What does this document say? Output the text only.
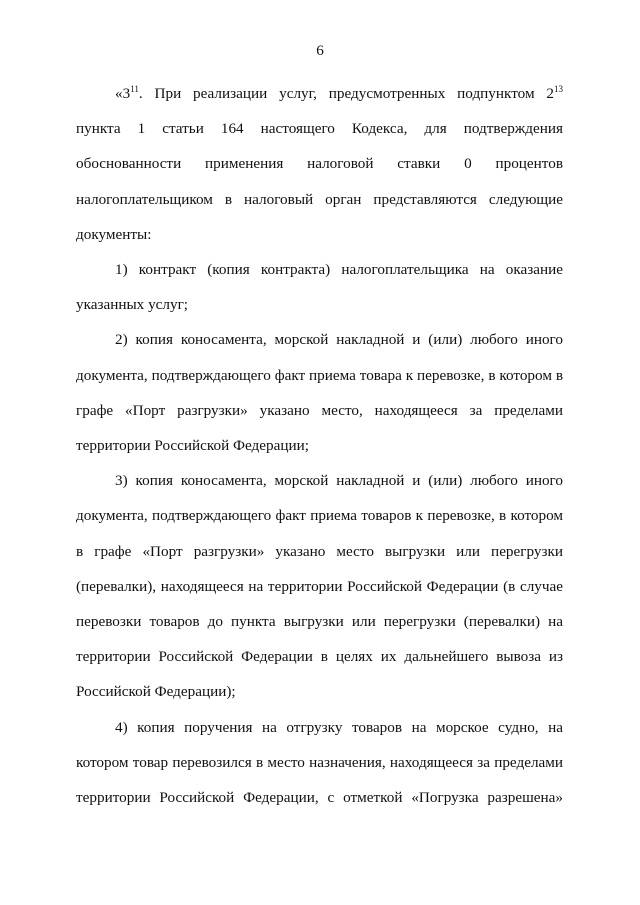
6

«$3^{11}$. При реализации услуг, предусмотренных подпунктом $2^{13}$ пункта 1 статьи 164 настоящего Кодекса, для подтверждения обоснованности применения налоговой ставки 0 процентов налогоплательщиком в налоговый орган представляются следующие документы:

1) контракт (копия контракта) налогоплательщика на оказание указанных услуг;

2) копия коносамента, морской накладной и (или) любого иного документа, подтверждающего факт приема товара к перевозке, в котором в графе «Порт разгрузки» указано место, находящееся за пределами территории Российской Федерации;

3) копия коносамента, морской накладной и (или) любого иного документа, подтверждающего факт приема товаров к перевозке, в котором в графе «Порт разгрузки» указано место выгрузки или перегрузки (перевалки), находящееся на территории Российской Федерации (в случае перевозки товаров до пункта выгрузки или перегрузки (перевалки) на территории Российской Федерации в целях их дальнейшего вывоза из Российской Федерации);

4) копия поручения на отгрузку товаров на морское судно, на котором товар перевозился в место назначения, находящееся за пределами территории Российской Федерации, с отметкой «Погрузка разрешена»
